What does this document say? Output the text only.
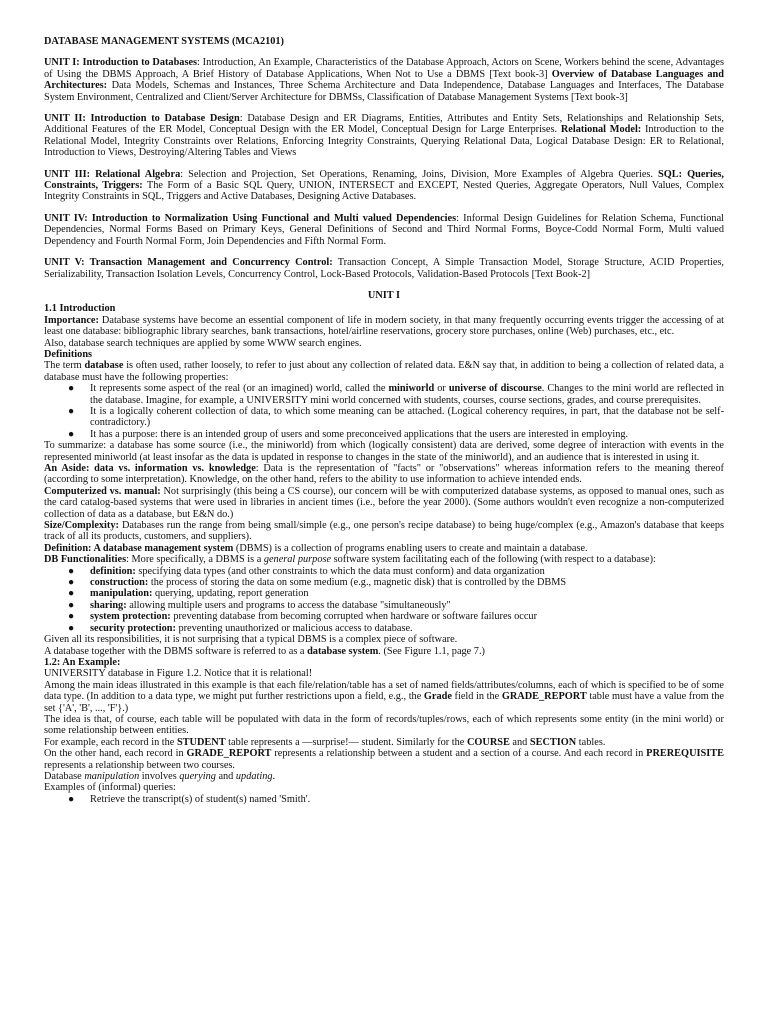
DATABASE MANAGEMENT SYSTEMS (MCA2101)

UNIT I: Introduction to Databases: Introduction, An Example, Characteristics of the Database Approach, Actors on Scene, Workers behind the scene, Advantages of Using the DBMS Approach, A Brief History of Database Applications, When Not to Use a DBMS [Text book-3] Overview of Database Languages and Architectures: Data Models, Schemas and Instances, Three Schema Architecture and Data Independence, Database Languages and Interfaces, The Database System Environment, Centralized and Client/Server Architecture for DBMSs, Classification of Database Management Systems [Text book-3]

UNIT II: Introduction to Database Design: Database Design and ER Diagrams, Entities, Attributes and Entity Sets, Relationships and Relationship Sets, Additional Features of the ER Model, Conceptual Design with the ER Model, Conceptual Design for Large Enterprises. Relational Model: Introduction to the Relational Model, Integrity Constraints over Relations, Enforcing Integrity Constraints, Querying Relational Data, Logical Database Design: ER to Relational, Introduction to Views, Destroying/Altering Tables and Views

UNIT III: Relational Algebra: Selection and Projection, Set Operations, Renaming, Joins, Division, More Examples of Algebra Queries. SQL: Queries, Constraints, Triggers: The Form of a Basic SQL Query, UNION, INTERSECT and EXCEPT, Nested Queries, Aggregate Operators, Null Values, Complex Integrity Constraints in SQL, Triggers and Active Databases, Designing Active Databases.

UNIT IV: Introduction to Normalization Using Functional and Multi valued Dependencies: Informal Design Guidelines for Relation Schema, Functional Dependencies, Normal Forms Based on Primary Keys, General Definitions of Second and Third Normal Forms, Boyce-Codd Normal Form, Multi valued Dependency and Fourth Normal Form, Join Dependencies and Fifth Normal Form.

UNIT V: Transaction Management and Concurrency Control: Transaction Concept, A Simple Transaction Model, Storage Structure, ACID Properties, Serializability, Transaction Isolation Levels, Concurrency Control, Lock-Based Protocols, Validation-Based Protocols [Text Book-2]

UNIT I

1.1 Introduction

Importance: Database systems have become an essential component of life in modern society, in that many frequently occurring events trigger the accessing of at least one database: bibliographic library searches, bank transactions, hotel/airline reservations, grocery store purchases, online (Web) purchases, etc., etc.

Also, database search techniques are applied by some WWW search engines.

Definitions

The term database is often used, rather loosely, to refer to just about any collection of related data. E&N say that, in addition to being a collection of related data, a database must have the following properties:

● It represents some aspect of the real (or an imagined) world, called the miniworld or universe of discourse. Changes to the mini world are reflected in the database. Imagine, for example, a UNIVERSITY mini world concerned with students, courses, course sections, grades, and course prerequisites.
● It is a logically coherent collection of data, to which some meaning can be attached. (Logical coherency requires, in part, that the database not be self-contradictory.)
● It has a purpose: there is an intended group of users and some preconceived applications that the users are interested in employing.

To summarize: a database has some source (i.e., the miniworld) from which (logically consistent) data are derived, some degree of interaction with events in the represented miniworld (at least insofar as the data is updated in response to changes in the state of the miniworld), and an audience that is interested in using it.

An Aside: data vs. information vs. knowledge: Data is the representation of "facts" or "observations" whereas information refers to the meaning thereof (according to some interpretation). Knowledge, on the other hand, refers to the ability to use information to achieve intended ends.

Computerized vs. manual: Not surprisingly (this being a CS course), our concern will be with computerized database systems, as opposed to manual ones, such as the card catalog-based systems that were used in libraries in ancient times (i.e., before the year 2000). (Some authors wouldn't even recognize a non-computerized collection of data as a database, but E&N do.)

Size/Complexity: Databases run the range from being small/simple (e.g., one person's recipe database) to being huge/complex (e.g., Amazon's database that keeps track of all its products, customers, and suppliers).

Definition: A database management system (DBMS) is a collection of programs enabling users to create and maintain a database.

DB Functionalities: More specifically, a DBMS is a general purpose software system facilitating each of the following (with respect to a database):

● definition: specifying data types (and other constraints to which the data must conform) and data organization
● construction: the process of storing the data on some medium (e.g., magnetic disk) that is controlled by the DBMS
● manipulation: querying, updating, report generation
● sharing: allowing multiple users and programs to access the database "simultaneously"
● system protection: preventing database from becoming corrupted when hardware or software failures occur
● security protection: preventing unauthorized or malicious access to database.

Given all its responsibilities, it is not surprising that a typical DBMS is a complex piece of software.

A database together with the DBMS software is referred to as a database system. (See Figure 1.1, page 7.)

1.2: An Example:

UNIVERSITY database in Figure 1.2. Notice that it is relational!

Among the main ideas illustrated in this example is that each file/relation/table has a set of named fields/attributes/columns, each of which is specified to be of some data type. (In addition to a data type, we might put further restrictions upon a field, e.g., the Grade field in the GRADE_REPORT table must have a value from the set {'A', 'B', ..., 'F'}.)

The idea is that, of course, each table will be populated with data in the form of records/tuples/rows, each of which represents some entity (in the mini world) or some relationship between entities.

For example, each record in the STUDENT table represents a —surprise!— student. Similarly for the COURSE and SECTION tables.

On the other hand, each record in GRADE_REPORT represents a relationship between a student and a section of a course. And each record in PREREQUISITE represents a relationship between two courses.

Database manipulation involves querying and updating.

Examples of (informal) queries:

● Retrieve the transcript(s) of student(s) named 'Smith'.
